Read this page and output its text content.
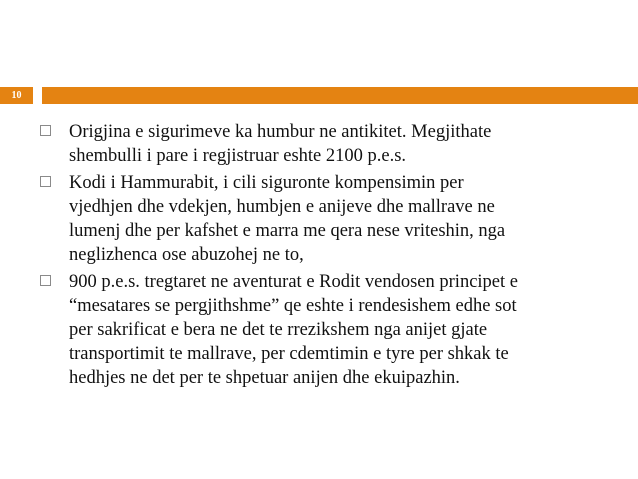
10
Origjina e sigurimeve ka humbur ne antikitet. Megjithate
shembulli i pare i regjistruar eshte 2100 p.e.s.
Kodi i Hammurabit, i cili siguronte kompensimin per
vjedhjen dhe vdekjen, humbjen e anijeve dhe mallrave ne
lumenj dhe per kafshet e marra me qera nese vriteshin, nga
neglizhenca ose abuzohej ne to,
900 p.e.s. tregtaret ne aventurat e Rodit vendosen principet e
“mesatares se pergjithshme” qe eshte i rendesishem edhe sot
per sakrificat e bera ne det te rrezikshem nga anijet gjate
transportimit te mallrave, per cdemtimin e tyre per shkak te
hedhjes ne det per te shpetuar anijen dhe ekuipazhin.
